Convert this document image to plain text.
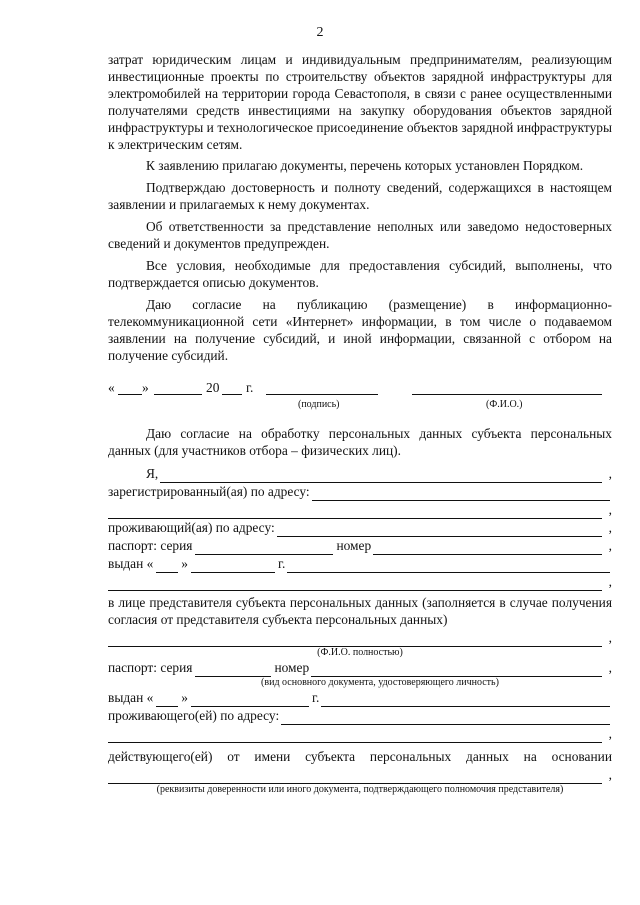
2

затрат юридическим лицам и индивидуальным предпринимателям, реализующим инвестиционные проекты по строительству объектов зарядной инфраструктуры для электромобилей на территории города Севастополя, в связи с ранее осуществленными получателями средств инвестициями на закупку оборудования объектов зарядной инфраструктуры и технологическое присоединение объектов зарядной инфраструктуры к электрическим сетям.

К заявлению прилагаю документы, перечень которых установлен Порядком.

Подтверждаю достоверность и полноту сведений, содержащихся в настоящем заявлении и прилагаемых к нему документах.

Об ответственности за представление неполных или заведомо недостоверных сведений и документов предупрежден.

Все условия, необходимые для предоставления субсидий, выполнены, что подтверждается описью документов.

Даю согласие на публикацию (размещение) в информационно-телекоммуникационной сети «Интернет» информации, в том числе о подаваемом заявлении на получение субсидий, и иной информации, связанной с отбором на получение субсидий.

« »	20 г.
(подпись)	(Ф.И.О.)

Даю согласие на обработку персональных данных субъекта персональных данных (для участников отбора – физических лиц).

Я,	,
зарегистрированный(ая) по адресу:
,
проживающий(ая) по адресу:	,
паспорт: серия	номер	,
выдан « »	г.
,

в лице представителя субъекта персональных данных (заполняется в случае получения согласия от представителя субъекта персональных данных)

,
(Ф.И.О. полностью)
паспорт: серия	номер	,
(вид основного документа, удостоверяющего личность)
выдан « »	г.
проживающего(ей) по адресу:
,

действующего(ей) от имени субъекта персональных данных на основании

,
(реквизиты доверенности или иного документа, подтверждающего полномочия представителя)
